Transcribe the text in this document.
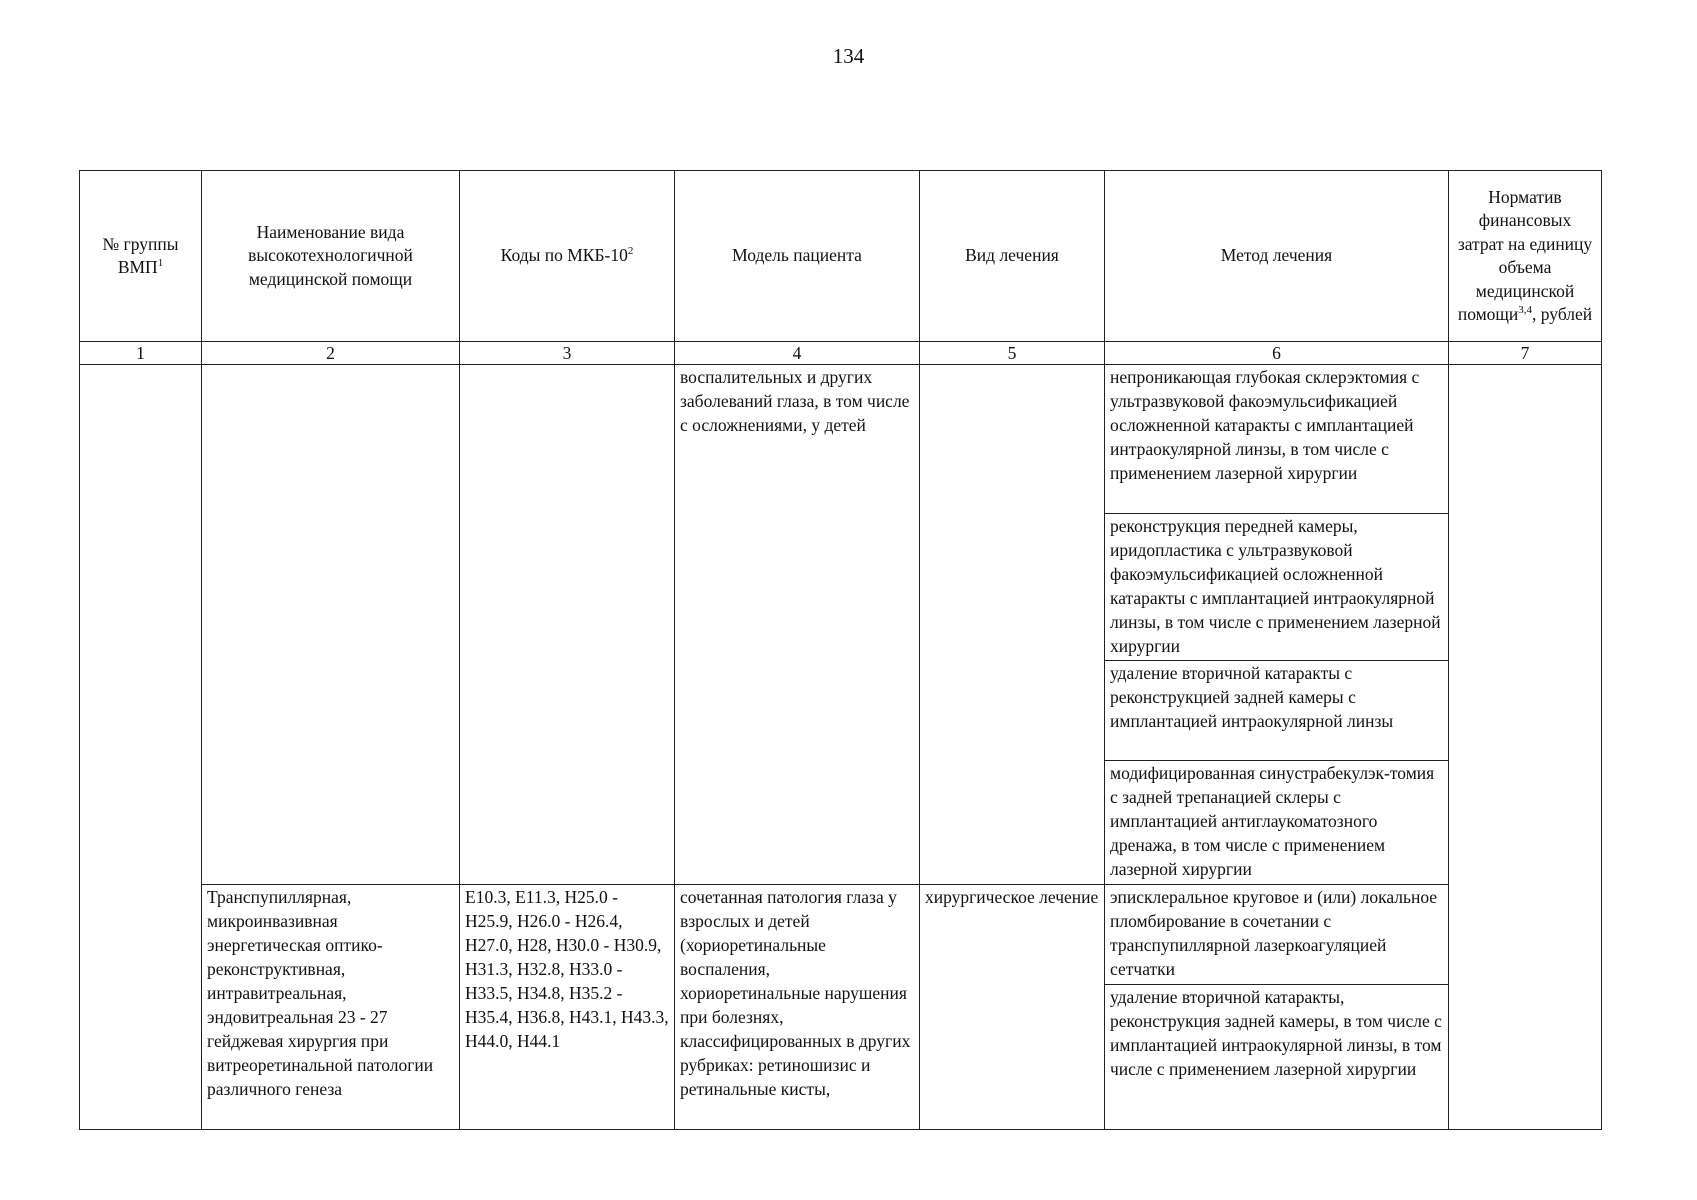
134
№ группы ВМП$^1$	Наименование вида высокотехнологичной медицинской помощи	Коды по МКБ-$10^2$	Модель пациента	Вид лечения	Метод лечения	Норматив финансовых затрат на единицу объема медицинской помощи$^{3,4}$, рублей
1	2	3	4	5	6	7
			воспалительных и других заболеваний глаза, в том числе с осложнениями, у детей		непроникающая глубокая склерэктомия с ультразвуковой факоэмульсификацией осложненной катаракты с имплантацией интраокулярной линзы, в том числе с применением лазерной хирургии	
					реконструкция передней камеры, иридопластика с ультразвуковой факоэмульсификацией осложненной катаракты с имплантацией интраокулярной линзы, в том числе с применением лазерной хирургии	
					удаление вторичной катаракты с реконструкцией задней камеры с имплантацией интраокулярной линзы	
					модифицированная синустрабекулэк-томия с задней трепанацией склеры с имплантацией антиглаукоматозного дренажа, в том числе с применением лазерной хирургии	
	Транспупиллярная, микроинвазивная энергетическая оптико-реконструктивная, интравитреальная, эндовитреальная 23 - 27 гейджевая хирургия при витреоретинальной патологии различного генеза	E10.3, E11.3, H25.0 - H25.9, H26.0 - H26.4, H27.0, H28, H30.0 - H30.9, H31.3, H32.8, H33.0 - H33.5, H34.8, H35.2 - H35.4, H36.8, H43.1, H43.3, H44.0, H44.1	сочетанная патология глаза у взрослых и детей (хориоретинальные воспаления, хориоретинальные нарушения при болезнях, классифицированных в других рубриках: ретиношизис и ретинальные кисты,	хирургическое лечение	эписклеральное круговое и (или) локальное пломбирование в сочетании с транспупиллярной лазеркоагуляцией сетчатки	
					удаление вторичной катаракты, реконструкция задней камеры, в том числе с имплантацией интраокулярной линзы, в том числе с применением лазерной хирургии	
